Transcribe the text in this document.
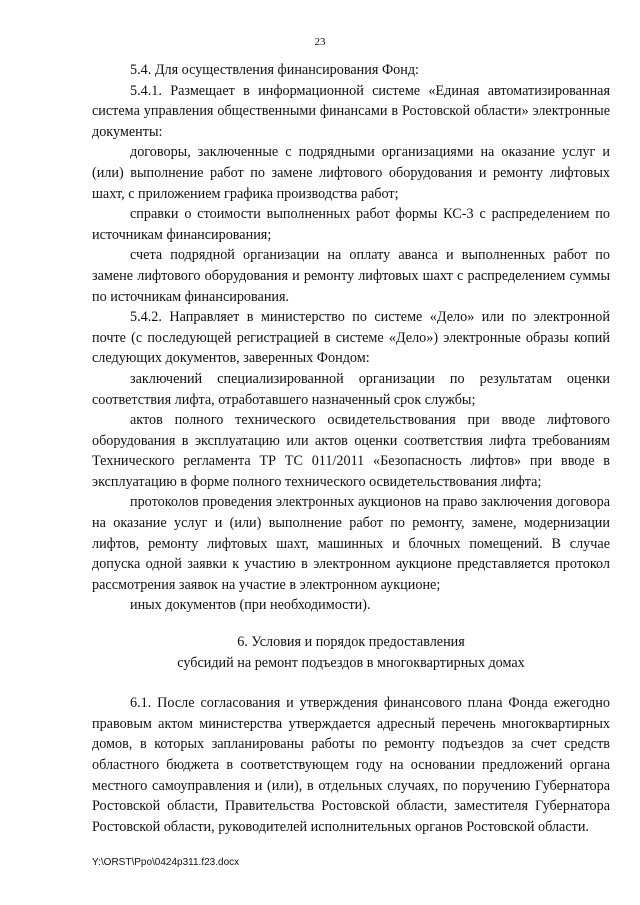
23

5.4. Для осуществления финансирования Фонд:

5.4.1. Размещает в информационной системе «Единая автоматизированная система управления общественными финансами в Ростовской области» электронные документы:

договоры, заключенные с подрядными организациями на оказание услуг и (или) выполнение работ по замене лифтового оборудования и ремонту лифтовых шахт, с приложением графика производства работ;

справки о стоимости выполненных работ формы КС-3 с распределением по источникам финансирования;

счета подрядной организации на оплату аванса и выполненных работ по замене лифтового оборудования и ремонту лифтовых шахт с распределением суммы по источникам финансирования.

5.4.2. Направляет в министерство по системе «Дело» или по электронной почте (с последующей регистрацией в системе «Дело») электронные образы копий следующих документов, заверенных Фондом:

заключений специализированной организации по результатам оценки соответствия лифта, отработавшего назначенный срок службы;

актов полного технического освидетельствования при вводе лифтового оборудования в эксплуатацию или актов оценки соответствия лифта требованиям Технического регламента ТР ТС 011/2011 «Безопасность лифтов» при вводе в эксплуатацию в форме полного технического освидетельствования лифта;

протоколов проведения электронных аукционов на право заключения договора на оказание услуг и (или) выполнение работ по ремонту, замене, модернизации лифтов, ремонту лифтовых шахт, машинных и блочных помещений. В случае допуска одной заявки к участию в электронном аукционе представляется протокол рассмотрения заявок на участие в электронном аукционе;

иных документов (при необходимости).

6. Условия и порядок предоставления
субсидий на ремонт подъездов в многоквартирных домах

6.1. После согласования и утверждения финансового плана Фонда ежегодно правовым актом министерства утверждается адресный перечень многоквартирных домов, в которых запланированы работы по ремонту подъездов за счет средств областного бюджета в соответствующем году на основании предложений органа местного самоуправления и (или), в отдельных случаях, по поручению Губернатора Ростовской области, Правительства Ростовской области, заместителя Губернатора Ростовской области, руководителей исполнительных органов Ростовской области.

Y:\ORST\Ppo\0424p311.f23.docx
